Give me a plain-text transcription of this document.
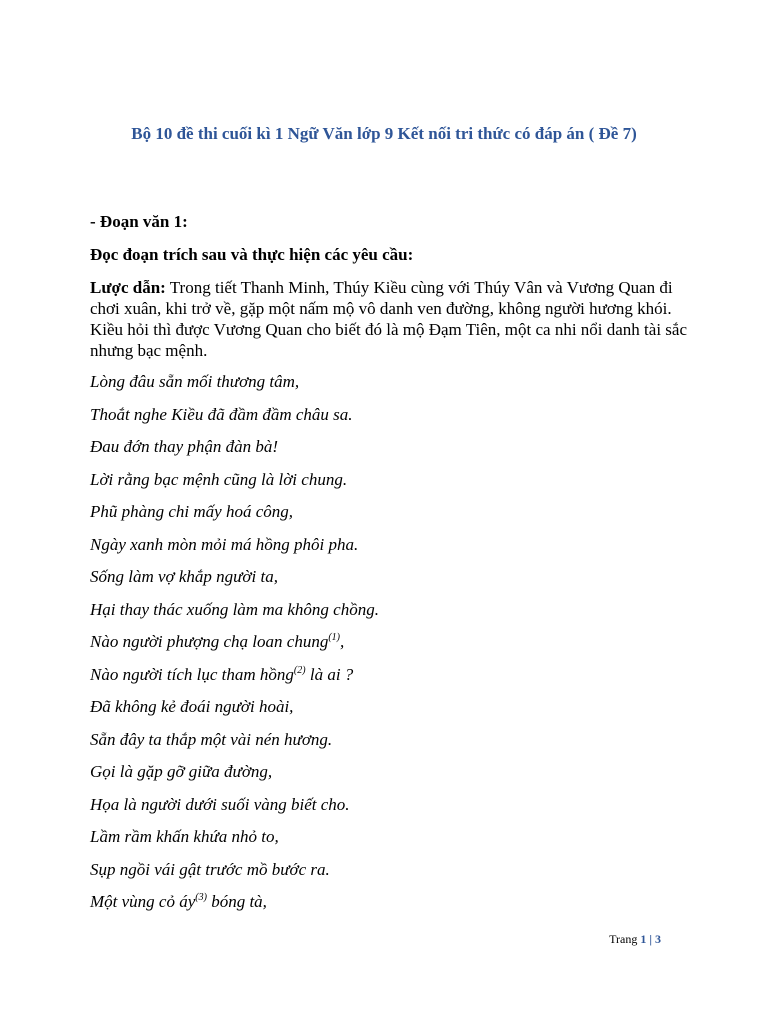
Bộ 10 đề thi cuối kì 1 Ngữ Văn lớp 9 Kết nối tri thức có đáp án ( Đề 7)

- Đoạn văn 1:

Đọc đoạn trích sau và thực hiện các yêu cầu:

Lược dẫn: Trong tiết Thanh Minh, Thúy Kiều cùng với Thúy Vân và Vương Quan đi chơi xuân, khi trở về, gặp một nấm mộ vô danh ven đường, không người hương khói. Kiều hỏi thì được Vương Quan cho biết đó là mộ Đạm Tiên, một ca nhi nổi danh tài sắc nhưng bạc mệnh.

Lòng đâu sẵn mối thương tâm,

Thoắt nghe Kiều đã đầm đầm châu sa.

Đau đớn thay phận đàn bà!

Lời rằng bạc mệnh cũng là lời chung.

Phũ phàng chi mấy hoá công,

Ngày xanh mòn mỏi má hồng phôi pha.

Sống làm vợ khắp người ta,

Hại thay thác xuống làm ma không chồng.

Nào người phượng chạ loan chung$^{(1)}$,

Nào người tích lục tham hồng$^{(2)}$ là ai ?

Đã không kẻ đoái người hoài,

Sẵn đây ta thắp một vài nén hương.

Gọi là gặp gỡ giữa đường,

Họa là người dưới suối vàng biết cho.

Lầm rầm khấn khứa nhỏ to,

Sụp ngồi vái gật trước mồ bước ra.

Một vùng cỏ $áy^{(3)}$ bóng tà,

Trang 1 | 3
